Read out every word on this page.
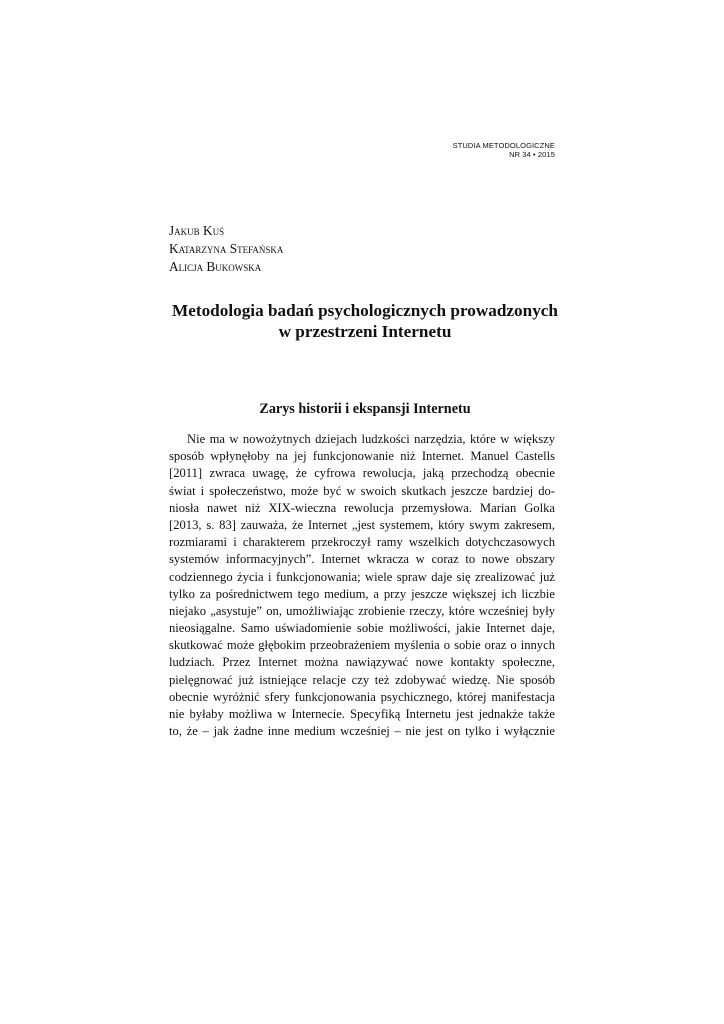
STUDIA METODOLOGICZNE
NR 34 • 2015
Jakub Kuś
Katarzyna Stefańska
Alicja Bukowska
Metodologia badań psychologicznych prowadzonych
w przestrzeni Internetu
Zarys historii i ekspansji Internetu
Nie ma w nowożytnych dziejach ludzkości narzędzia, które w większy
sposób wpłynęłoby na jej funkcjonowanie niż Internet. Manuel Castells
[2011] zwraca uwagę, że cyfrowa rewolucja, jaką przechodzą obecnie
świat i społeczeństwo, może być w swoich skutkach jeszcze bardziej do-
niosła nawet niż XIX-wieczna rewolucja przemysłowa. Marian Golka
[2013, s. 83] zauważa, że Internet „jest systemem, który swym zakresem,
rozmiarami i charakterem przekroczył ramy wszelkich dotychczasowych
systemów informacyjnych”. Internet wkracza w coraz to nowe obszary
codziennego życia i funkcjonowania; wiele spraw daje się zrealizować już
tylko za pośrednictwem tego medium, a przy jeszcze większej ich liczbie
niejako „asystuje” on, umożliwiając zrobienie rzeczy, które wcześniej były
nieosiągalne. Samo uświadomienie sobie możliwości, jakie Internet daje,
skutkować może głębokim przeobrażeniem myślenia o sobie oraz o innych
ludziach. Przez Internet można nawiązywać nowe kontakty społeczne,
pielęgnować już istniejące relacje czy też zdobywać wiedzę. Nie sposób
obecnie wyróżnić sfery funkcjonowania psychicznego, której manifestacja
nie byłaby możliwa w Internecie. Specyfiką Internetu jest jednakże także
to, że – jak żadne inne medium wcześniej – nie jest on tylko i wyłącznie
